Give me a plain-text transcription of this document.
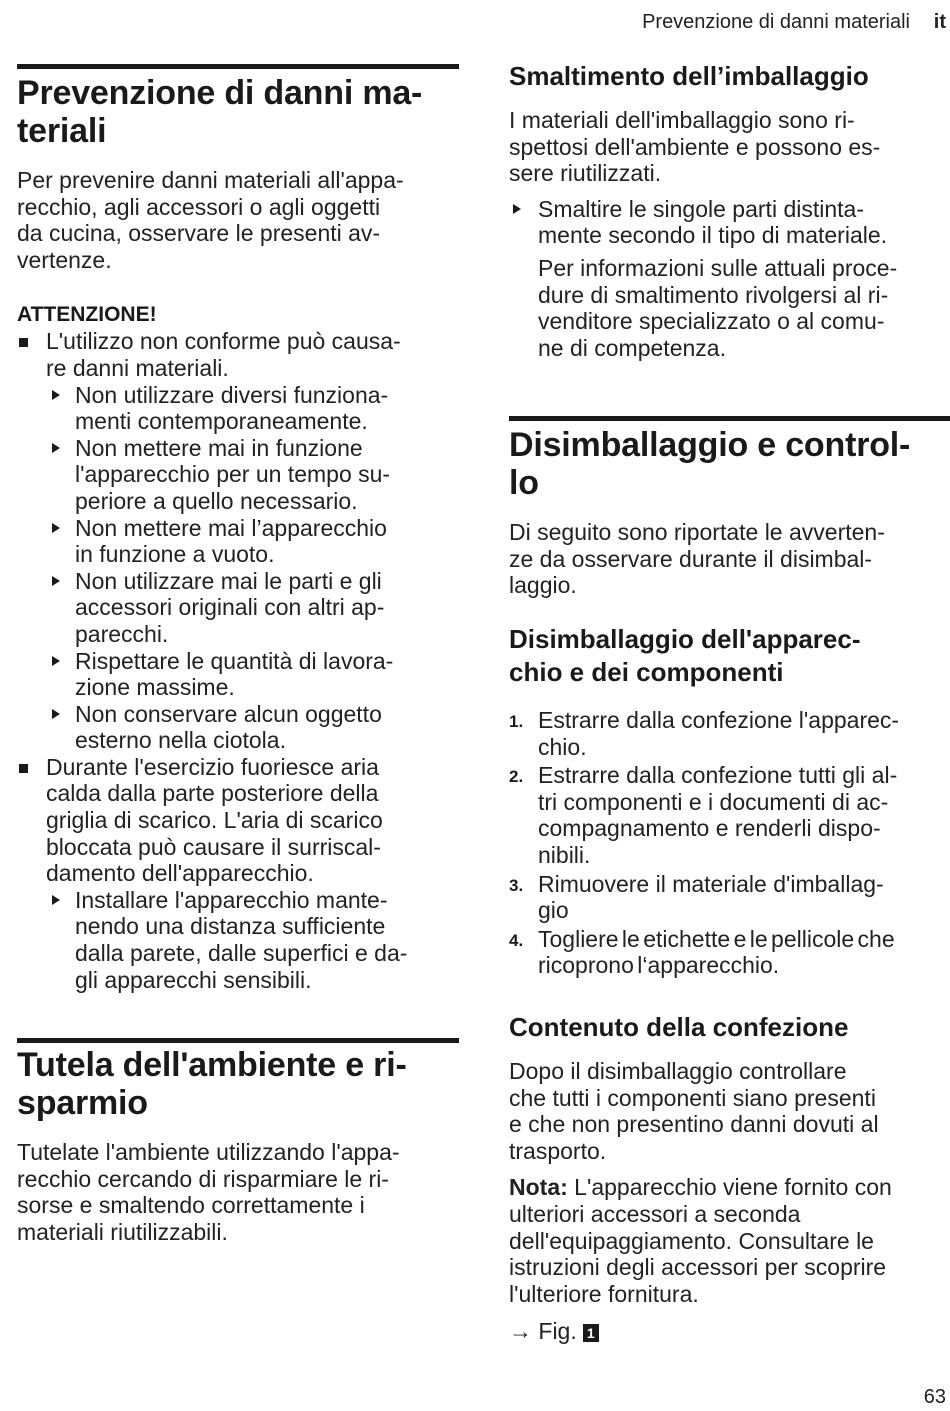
Prevenzione di danni materiali it
Prevenzione di danni ma-
teriali

Per prevenire danni materiali all'appa-
recchio, agli accessori o agli oggetti
da cucina, osservare le presenti av-
vertenze.

ATTENZIONE!
L'utilizzo non conforme può causa-
re danni materiali.
Non utilizzare diversi funziona-
menti contemporaneamente.
Non mettere mai in funzione
l'apparecchio per un tempo su-
periore a quello necessario.
Non mettere mai l’apparecchio
in funzione a vuoto.
Non utilizzare mai le parti e gli
accessori originali con altri ap-
parecchi.
Rispettare le quantità di lavora-
zione massime.
Non conservare alcun oggetto
esterno nella ciotola.
Durante l'esercizio fuoriesce aria
calda dalla parte posteriore della
griglia di scarico. L'aria di scarico
bloccata può causare il surriscal-
damento dell'apparecchio.
Installare l'apparecchio mante-
nendo una distanza sufficiente
dalla parete, dalle superfici e da-
gli apparecchi sensibili.
Tutela dell'ambiente e ri-
sparmio

Tutelate l'ambiente utilizzando l'appa-
recchio cercando di risparmiare le ri-
sorse e smaltendo correttamente i
materiali riutilizzabili.

Smaltimento dell’imballaggio

I materiali dell'imballaggio sono ri-
spettosi dell'ambiente e possono es-
sere riutilizzati.

Smaltire le singole parti distinta-
mente secondo il tipo di materiale.

Per informazioni sulle attuali proce-
dure di smaltimento rivolgersi al ri-
venditore specializzato o al comu-
ne di competenza.

Disimballaggio e control-
lo

Di seguito sono riportate le avverten-
ze da osservare durante il disimbal-
laggio.

Disimballaggio dell'apparec-
chio e dei componenti
1. Estrarre dalla confezione l'apparec-
chio.
2. Estrarre dalla confezione tutti gli al-
tri componenti e i documenti di ac-
compagnamento e renderli dispo-
nibili.
3. Rimuovere il materiale d'imballag-
gio
4. Togliere le etichette e le pellicole che
ricoprono l‘apparecchio.
Contenuto della confezione

Dopo il disimballaggio controllare
che tutti i componenti siano presenti
e che non presentino danni dovuti al
trasporto.

Nota: L'apparecchio viene fornito con
ulteriori accessori a seconda
dell'equipaggiamento. Consultare le
istruzioni degli accessori per scoprire
l'ulteriore fornitura.

→ Fig. 1
63
